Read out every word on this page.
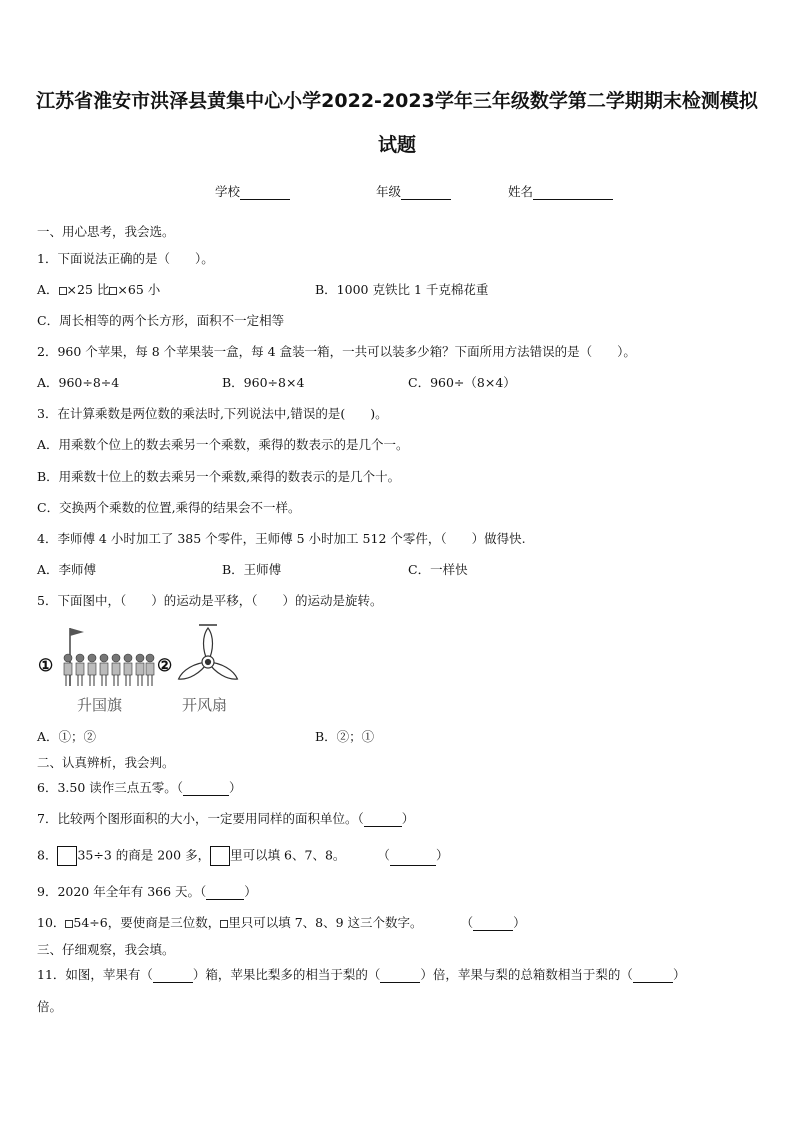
江苏省淮安市洪泽县黄集中心小学2022-2023学年三年级数学第二学期期末检测模拟
试题
学校	年级	姓名
一、用心思考，我会选。
1．下面说法正确的是（　　）。
A． ×25 比 ×65 小	B．1000 克铁比 1 千克棉花重
C．周长相等的两个长方形，面积不一定相等
2．960 个苹果，每 8 个苹果装一盒，每 4 盒装一箱，一共可以装多少箱？下面所用方法错误的是（　　）。
A．960÷8÷4	B．960÷8×4	C．960÷（8×4）
3．在计算乘数是两位数的乘法时,下列说法中,错误的是(　　)。
A．用乘数个位上的数去乘另一个乘数，乘得的数表示的是几个一。
B．用乘数十位上的数去乘另一个乘数,乘得的数表示的是几个十。
C．交换两个乘数的位置,乘得的结果会不一样。
4．李师傅 4 小时加工了 385 个零件，王师傅 5 小时加工 512 个零件，（　　）做得快.
A．李师傅	B．王师傅	C．一样快
5．下面图中，（　　）的运动是平移，（　　）的运动是旋转。
①
升国旗
②
开风扇
A．①；②	B．②；①
二、认真辨析，我会判。
6．3.50 读作三点五零。（	）
7．比较两个图形面积的大小，一定要用同样的面积单位。（	）
8． 35÷3 的商是 200 多， 里可以填 6、7、8。	（	）
9．2020 年全年有 366 天。（	）
10． 54÷6，要使商是三位数， 里只可以填 7、8、9 这三个数字。	（	）
三、仔细观察，我会填。
11．如图，苹果有（	）箱，苹果比梨多的相当于梨的（	）倍，苹果与梨的总箱数相当于梨的（	）
倍。
